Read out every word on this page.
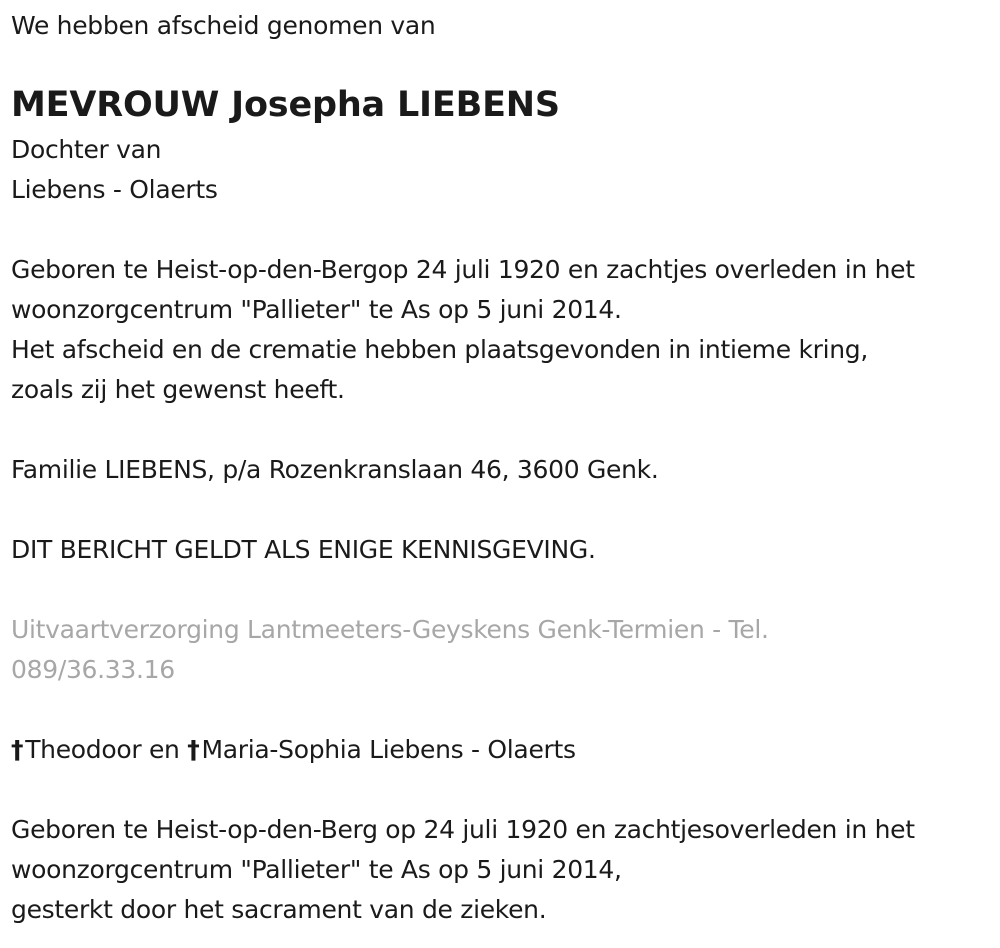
We hebben afscheid genomen van
MEVROUW Josepha LIEBENS
Dochter van
Liebens - Olaerts
Geboren te Heist-op-den-Bergop 24 juli 1920 en zachtjes overleden in het
woonzorgcentrum "Pallieter" te As op 5 juni 2014.
Het afscheid en de crematie hebben plaatsgevonden in intieme kring,
zoals zij het gewenst heeft.
Familie LIEBENS, p/a Rozenkranslaan 46, 3600 Genk.
DIT BERICHT GELDT ALS ENIGE KENNISGEVING.
Uitvaartverzorging Lantmeeters-Geyskens Genk-Termien - Tel.
089/36.33.16
†Theodoor en †Maria-Sophia Liebens - Olaerts
Geboren te Heist-op-den-Berg op 24 juli 1920 en zachtjesoverleden in het
woonzorgcentrum "Pallieter" te As op 5 juni 2014,
gesterkt door het sacrament van de zieken.
